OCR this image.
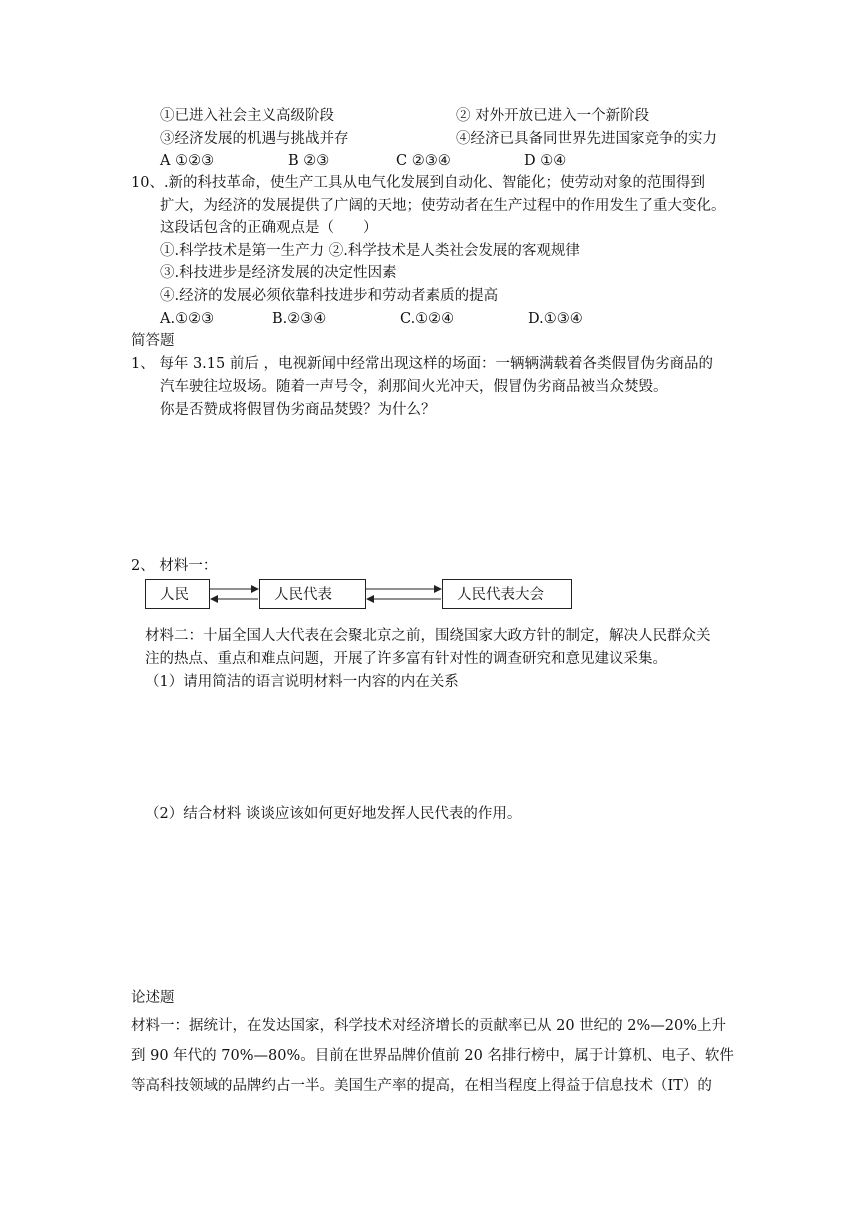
①已进入社会主义高级阶段	② 对外开放已进入一个新阶段
③经济发展的机遇与挑战并存	④经济已具备同世界先进国家竞争的实力
A ①②③	B ②③	C ②③④	D ①④
10、.新的科技革命，使生产工具从电气化发展到自动化、智能化；使劳动对象的范围得到
扩大，为经济的发展提供了广阔的天地；使劳动者在生产过程中的作用发生了重大变化。
这段话包含的正确观点是（　　）
①.科学技术是第一生产力 ②.科学技术是人类社会发展的客观规律
③.科技进步是经济发展的决定性因素
④.经济的发展必须依靠科技进步和劳动者素质的提高
A.①②③	B.②③④	C.①②④	D.①③④
简答题
1、 每年 3.15 前后 ，电视新闻中经常出现这样的场面：一辆辆满载着各类假冒伪劣商品的
汽车驶往垃圾场。随着一声号令，刹那间火光冲天，假冒伪劣商品被当众焚毁。
你是否赞成将假冒伪劣商品焚毁？为什么？
2、 材料一：
人民	人民代表	人民代表大会
材料二：十届全国人大代表在会聚北京之前，围绕国家大政方针的制定，解决人民群众关
注的热点、重点和难点问题，开展了许多富有针对性的调查研究和意见建议采集。
（1）请用简洁的语言说明材料一内容的内在关系
（2）结合材料 谈谈应该如何更好地发挥人民代表的作用。
论述题
材料一：据统计，在发达国家，科学技术对经济增长的贡献率已从 20 世纪的 2%—20%上升
到 90 年代的 70%—80%。目前在世界品牌价值前 20 名排行榜中，属于计算机、电子、软件
等高科技领域的品牌约占一半。美国生产率的提高，在相当程度上得益于信息技术（IT）的
